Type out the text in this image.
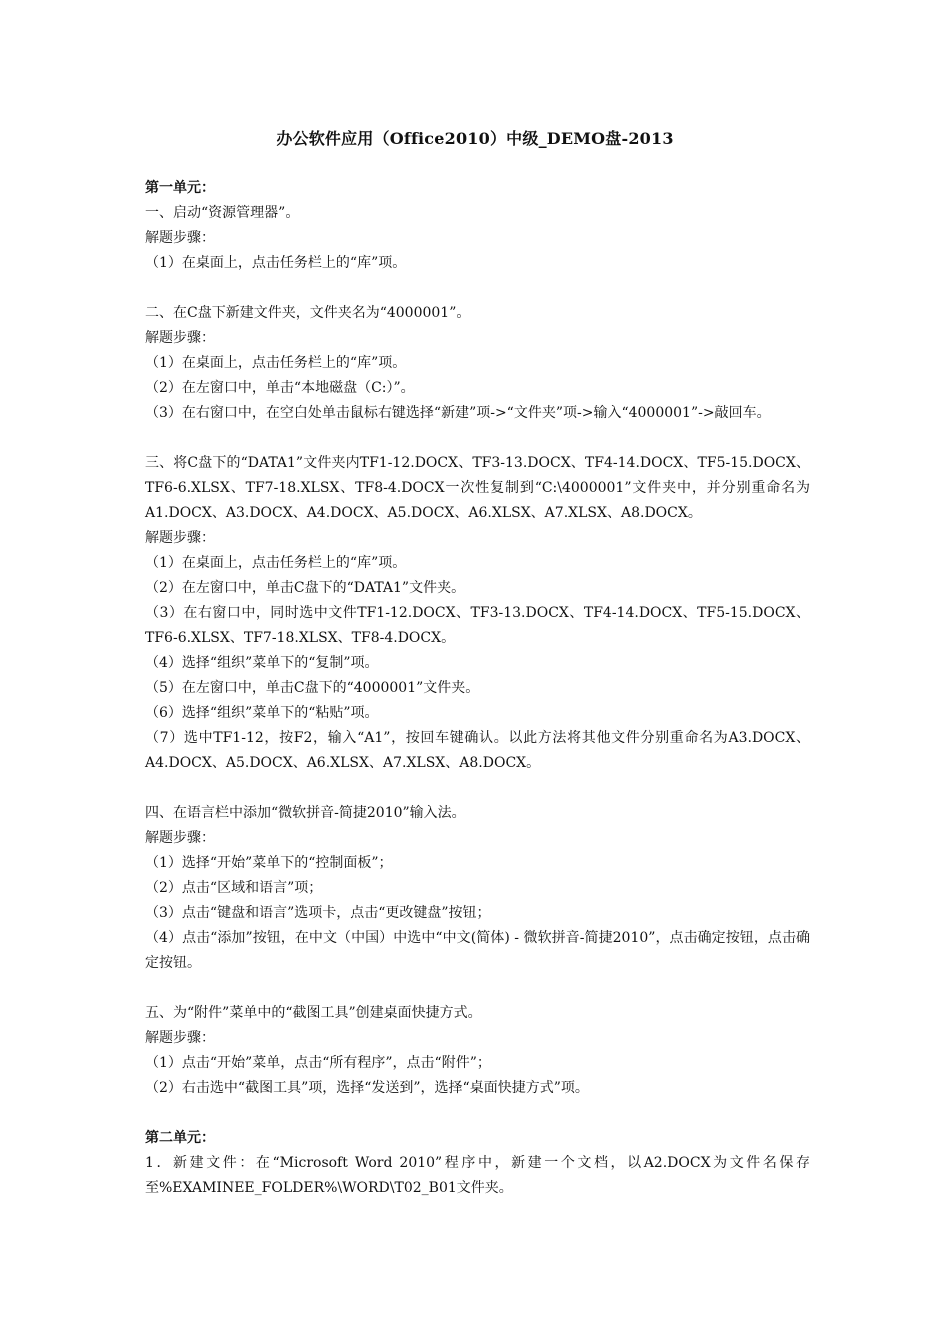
办公软件应用（Office2010）中级_DEMO盘-2013

第一单元：

一、启动“资源管理器”。

解题步骤：

（1）在桌面上，点击任务栏上的“库”项。

二、在C盘下新建文件夹，文件夹名为“4000001”。

解题步骤：

（1）在桌面上，点击任务栏上的“库”项。

（2）在左窗口中，单击“本地磁盘（C:）”。

（3）在右窗口中，在空白处单击鼠标右键选择“新建”项->“文件夹”项->输入“4000001”->敲回车。

三、将C盘下的“DATA1”文件夹内TF1-12.DOCX、TF3-13.DOCX、TF4-14.DOCX、TF5-15.DOCX、TF6-6.XLSX、TF7-18.XLSX、TF8-4.DOCX一次性复制到“C:\4000001”文件夹中，并分别重命名为A1.DOCX、A3.DOCX、A4.DOCX、A5.DOCX、A6.XLSX、A7.XLSX、A8.DOCX。

解题步骤：

（1）在桌面上，点击任务栏上的“库”项。

（2）在左窗口中，单击C盘下的“DATA1”文件夹。

（3）在右窗口中，同时选中文件TF1-12.DOCX、TF3-13.DOCX、TF4-14.DOCX、TF5-15.DOCX、TF6-6.XLSX、TF7-18.XLSX、TF8-4.DOCX。

（4）选择“组织”菜单下的“复制”项。

（5）在左窗口中，单击C盘下的“4000001”文件夹。

（6）选择“组织”菜单下的“粘贴”项。

（7）选中TF1-12，按F2，输入“A1”，按回车键确认。以此方法将其他文件分别重命名为A3.DOCX、A4.DOCX、A5.DOCX、A6.XLSX、A7.XLSX、A8.DOCX。

四、在语言栏中添加“微软拼音-简捷2010”输入法。

解题步骤：

（1）选择“开始”菜单下的“控制面板”；

（2）点击“区域和语言”项；

（3）点击“键盘和语言”选项卡，点击“更改键盘”按钮；

（4）点击“添加”按钮，在中文（中国）中选中“中文(简体) - 微软拼音-简捷2010”，点击确定按钮，点击确定按钮。

五、为“附件”菜单中的“截图工具”创建桌面快捷方式。

解题步骤：

（1）点击“开始”菜单，点击“所有程序”，点击“附件”；

（2）右击选中“截图工具”项，选择“发送到”，选择“桌面快捷方式”项。

第二单元：

1．新建文件：在“Microsoft Word 2010”程序中，新建一个文档，以A2.DOCX为文件名保存至%EXAMINEE_FOLDER%\WORD\T02_B01文件夹。
